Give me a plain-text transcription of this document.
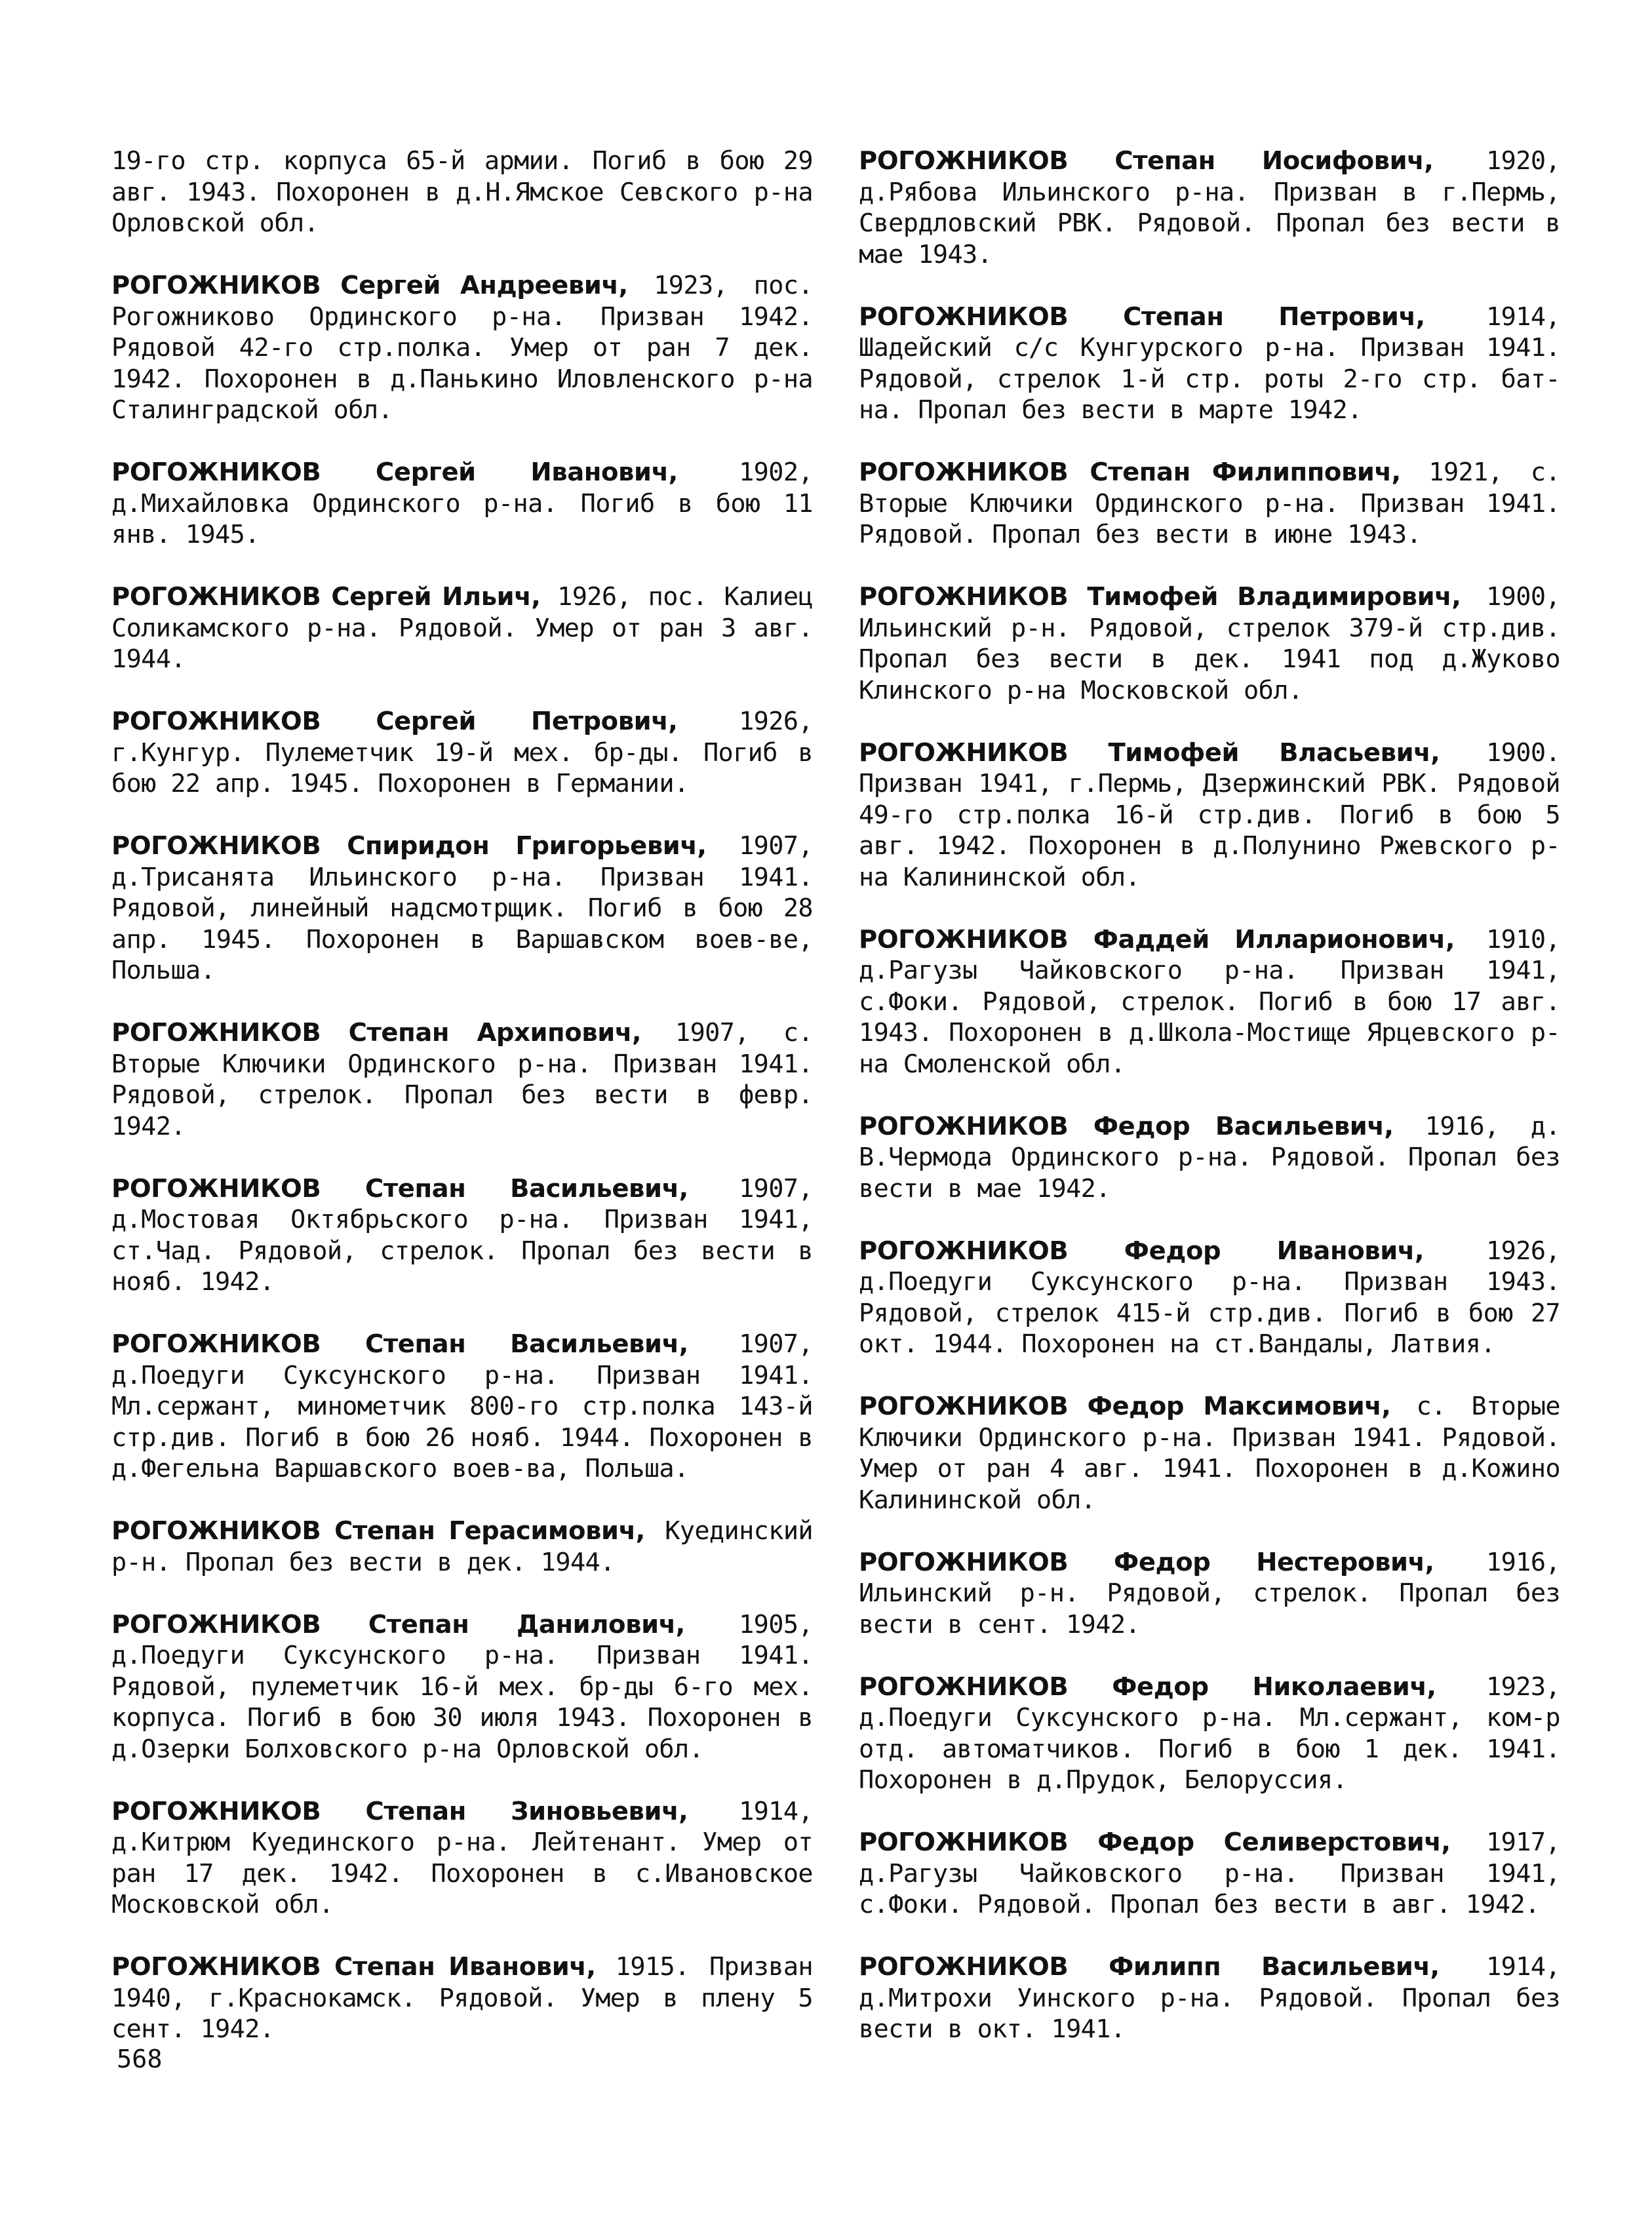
19-го стр. корпуса 65-й армии. Погиб в бою 29 авг. 1943. Похоронен в д.Н.Ямское Севского р-на Орловской обл.

РОГОЖНИКОВ Сергей Андреевич, 1923, пос. Рогожниково Ординского р-на. Призван 1942. Рядовой 42-го стр.полка. Умер от ран 7 дек. 1942. Похоронен в д.Панькино Иловленского р-на Сталинградской обл.

РОГОЖНИКОВ Сергей Иванович, 1902, д.Михайловка Ординского р-на. Погиб в бою 11 янв. 1945.

РОГОЖНИКОВ Сергей Ильич, 1926, пос. Калиец Соликамского р-на. Рядовой. Умер от ран 3 авг. 1944.

РОГОЖНИКОВ Сергей Петрович, 1926, г.Кунгур. Пулеметчик 19-й мех. бр-ды. Погиб в бою 22 апр. 1945. Похоронен в Германии.

РОГОЖНИКОВ Спиридон Григорьевич, 1907, д.Трисанята Ильинского р-на. Призван 1941. Рядовой, линейный надсмотрщик. Погиб в бою 28 апр. 1945. Похоронен в Варшавском воев-ве, Польша.

РОГОЖНИКОВ Степан Архипович, 1907, с. Вторые Ключики Ординского р-на. Призван 1941. Рядовой, стрелок. Пропал без вести в февр. 1942.

РОГОЖНИКОВ Степан Васильевич, 1907, д.Мостовая Октябрьского р-на. Призван 1941, ст.Чад. Рядовой, стрелок. Пропал без вести в нояб. 1942.

РОГОЖНИКОВ Степан Васильевич, 1907, д.Поедуги Суксунского р-на. Призван 1941. Мл.сержант, минометчик 800-го стр.полка 143-й стр.див. Погиб в бою 26 нояб. 1944. Похоронен в д.Фегельна Варшавского воев-ва, Польша.

РОГОЖНИКОВ Степан Герасимович, Куединский р-н. Пропал без вести в дек. 1944.

РОГОЖНИКОВ Степан Данилович, 1905, д.Поедуги Суксунского р-на. Призван 1941. Рядовой, пулеметчик 16-й мех. бр-ды 6-го мех. корпуса. Погиб в бою 30 июля 1943. Похоронен в д.Озерки Болховского р-на Орловской обл.

РОГОЖНИКОВ Степан Зиновьевич, 1914, д.Китрюм Куединского р-на. Лейтенант. Умер от ран 17 дек. 1942. Похоронен в с.Ивановское Московской обл.

РОГОЖНИКОВ Степан Иванович, 1915. Призван 1940, г.Краснокамск. Рядовой. Умер в плену 5 сент. 1942.

РОГОЖНИКОВ Степан Иосифович, 1920, д.Рябова Ильинского р-на. Призван в г.Пермь, Свердловский РВК. Рядовой. Пропал без вести в мае 1943.

РОГОЖНИКОВ Степан Петрович, 1914, Шадейский с/с Кунгурского р-на. Призван 1941. Рядовой, стрелок 1-й стр. роты 2-го стр. бат-на. Пропал без вести в марте 1942.

РОГОЖНИКОВ Степан Филиппович, 1921, с. Вторые Ключики Ординского р-на. Призван 1941. Рядовой. Пропал без вести в июне 1943.

РОГОЖНИКОВ Тимофей Владимирович, 1900, Ильинский р-н. Рядовой, стрелок 379-й стр.див. Пропал без вести в дек. 1941 под д.Жуково Клинского р-на Московской обл.

РОГОЖНИКОВ Тимофей Власьевич, 1900. Призван 1941, г.Пермь, Дзержинский РВК. Рядовой 49-го стр.полка 16-й стр.див. Погиб в бою 5 авг. 1942. Похоронен в д.Полунино Ржевского р-на Калининской обл.

РОГОЖНИКОВ Фаддей Илларионович, 1910, д.Рагузы Чайковского р-на. Призван 1941, с.Фоки. Рядовой, стрелок. Погиб в бою 17 авг. 1943. Похоронен в д.Школа-Мостище Ярцевского р-на Смоленской обл.

РОГОЖНИКОВ Федор Васильевич, 1916, д. В.Чермода Ординского р-на. Рядовой. Пропал без вести в мае 1942.

РОГОЖНИКОВ Федор Иванович, 1926, д.Поедуги Суксунского р-на. Призван 1943. Рядовой, стрелок 415-й стр.див. Погиб в бою 27 окт. 1944. Похоронен на ст.Вандалы, Латвия.

РОГОЖНИКОВ Федор Максимович, с. Вторые Ключики Ординского р-на. Призван 1941. Рядовой. Умер от ран 4 авг. 1941. Похоронен в д.Кожино Калининской обл.

РОГОЖНИКОВ Федор Нестерович, 1916, Ильинский р-н. Рядовой, стрелок. Пропал без вести в сент. 1942.

РОГОЖНИКОВ Федор Николаевич, 1923, д.Поедуги Суксунского р-на. Мл.сержант, ком-р отд. автоматчиков. Погиб в бою 1 дек. 1941. Похоронен в д.Прудок, Белоруссия.

РОГОЖНИКОВ Федор Селиверстович, 1917, д.Рагузы Чайковского р-на. Призван 1941, с.Фоки. Рядовой. Пропал без вести в авг. 1942.

РОГОЖНИКОВ Филипп Васильевич, 1914, д.Митрохи Уинского р-на. Рядовой. Пропал без вести в окт. 1941.

568
